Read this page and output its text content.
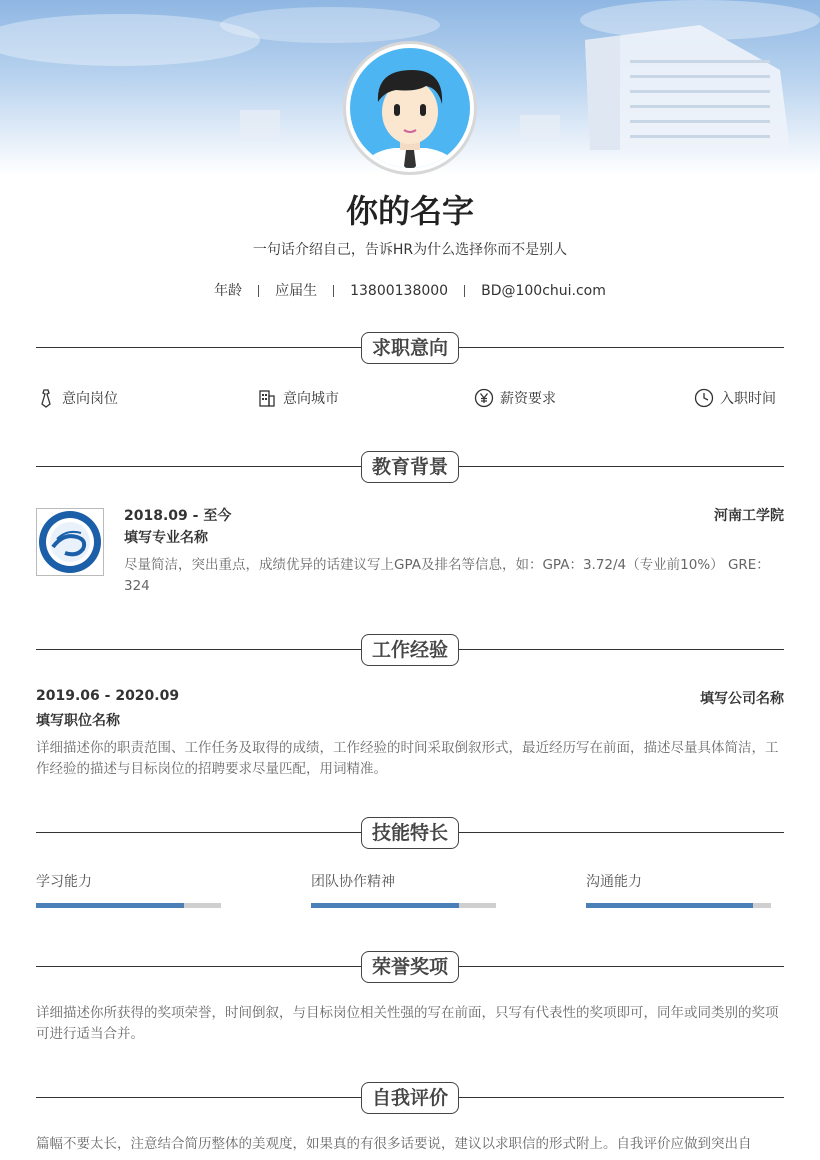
你的名字
一句话介绍自己，告诉HR为什么选择你而不是别人
年龄 应届生 13800138000 BD@100chui.com
求职意向
意向岗位	意向城市	薪资要求	入职时间
教育背景
2018.09 - 至今	河南工学院
填写专业名称
尽量简洁，突出重点，成绩优异的话建议写上GPA及排名等信息，如：GPA：3.72/4（专业前10%） GRE：324
工作经验
2019.06 - 2020.09	填写公司名称
填写职位名称
详细描述你的职责范围、工作任务及取得的成绩，工作经验的时间采取倒叙形式，最近经历写在前面，描述尽量具体简洁，工作经验的描述与目标岗位的招聘要求尽量匹配，用词精准。
技能特长
学习能力	团队协作精神	沟通能力
荣誉奖项
详细描述你所获得的奖项荣誉，时间倒叙，与目标岗位相关性强的写在前面，只写有代表性的奖项即可，同年或同类别的奖项可进行适当合并。
自我评价
篇幅不要太长，注意结合简历整体的美观度，如果真的有很多话要说，建议以求职信的形式附上。自我评价应做到突出自
